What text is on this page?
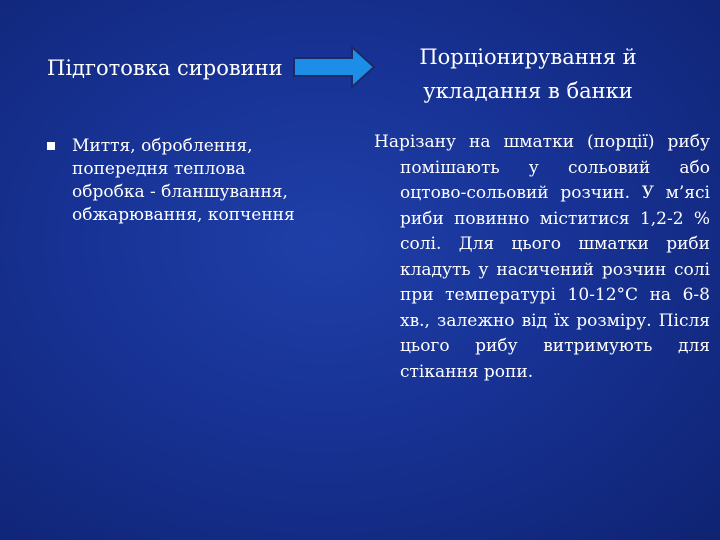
Підготовка сировини	Порціонирування й укладання в банки
Миття, оброблення, попередня теплова обробка - бланшування, обжарювання, копчення
Нарізану на шматки (порції) рибу помішають у сольовий або оцтово-сольовий розчин. У м’ясі риби повинно міститися 1,2-2 % солі. Для цього шматки риби кладуть у насичений розчин солі при температурі 10-12°С на 6-8 хв., залежно від їх розміру. Після цього рибу витримують для стікання ропи.
